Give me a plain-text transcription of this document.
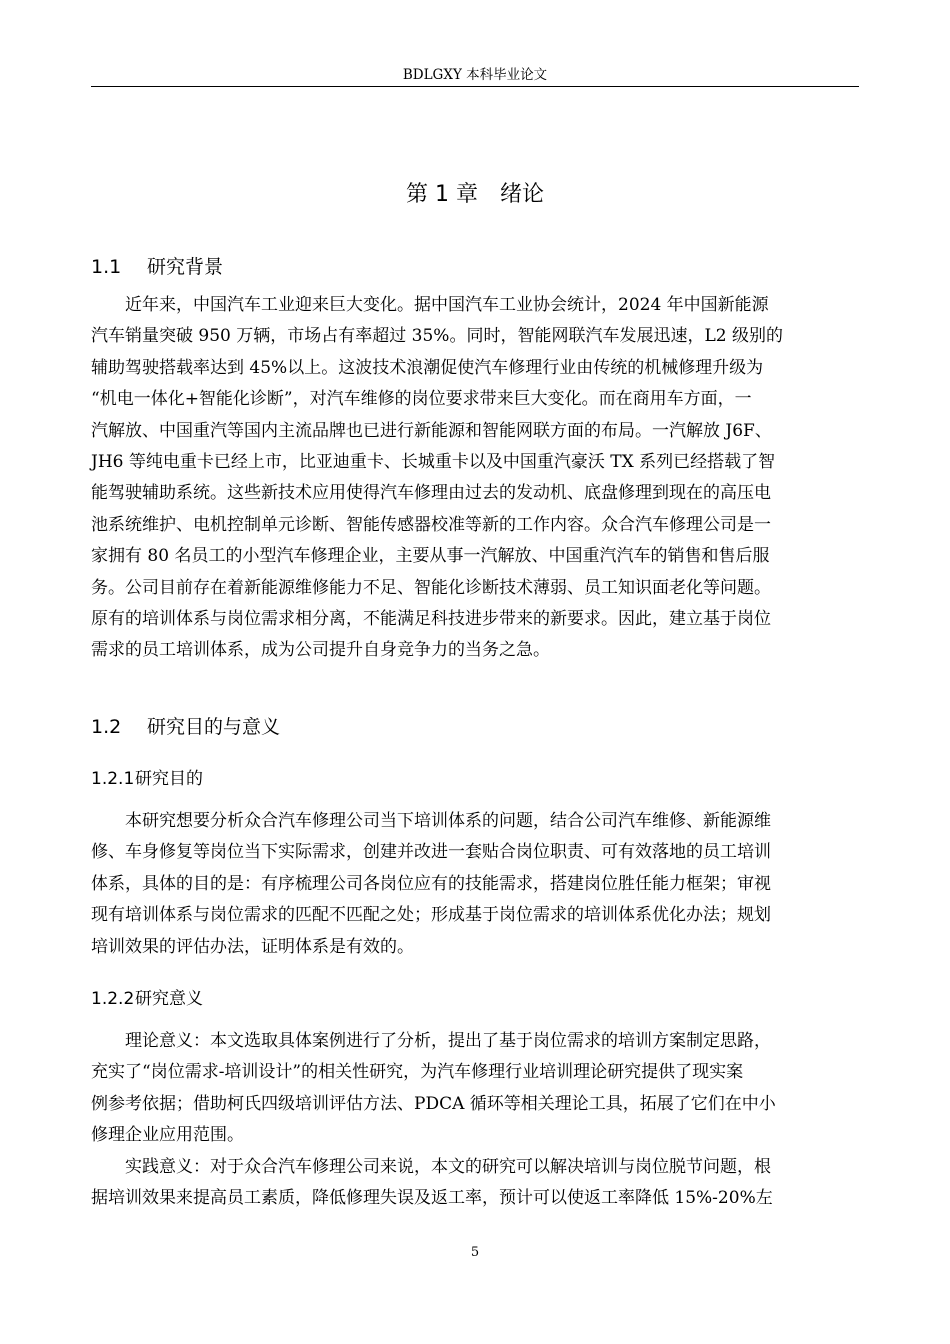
BDLGXY 本科毕业论文
第 1 章　绪论
1.1 研究背景
近年来，中国汽车工业迎来巨大变化。据中国汽车工业协会统计，2024 年中国新能源
汽车销量突破 950 万辆，市场占有率超过 35%。同时，智能网联汽车发展迅速，L2 级别的
辅助驾驶搭载率达到 45%以上。这波技术浪潮促使汽车修理行业由传统的机械修理升级为
“机电一体化+智能化诊断”，对汽车维修的岗位要求带来巨大变化。而在商用车方面，一
汽解放、中国重汽等国内主流品牌也已进行新能源和智能网联方面的布局。一汽解放 J6F、
JH6 等纯电重卡已经上市，比亚迪重卡、长城重卡以及中国重汽豪沃 TX 系列已经搭载了智
能驾驶辅助系统。这些新技术应用使得汽车修理由过去的发动机、底盘修理到现在的高压电
池系统维护、电机控制单元诊断、智能传感器校准等新的工作内容。众合汽车修理公司是一
家拥有 80 名员工的小型汽车修理企业，主要从事一汽解放、中国重汽汽车的销售和售后服
务。公司目前存在着新能源维修能力不足、智能化诊断技术薄弱、员工知识面老化等问题。
原有的培训体系与岗位需求相分离，不能满足科技进步带来的新要求。因此，建立基于岗位
需求的员工培训体系，成为公司提升自身竞争力的当务之急。
1.2 研究目的与意义
1.2.1研究目的
本研究想要分析众合汽车修理公司当下培训体系的问题，结合公司汽车维修、新能源维
修、车身修复等岗位当下实际需求，创建并改进一套贴合岗位职责、可有效落地的员工培训
体系，具体的目的是：有序梳理公司各岗位应有的技能需求，搭建岗位胜任能力框架；审视
现有培训体系与岗位需求的匹配不匹配之处；形成基于岗位需求的培训体系优化办法；规划
培训效果的评估办法，证明体系是有效的。
1.2.2研究意义
理论意义：本文选取具体案例进行了分析，提出了基于岗位需求的培训方案制定思路，
充实了“岗位需求-培训设计”的相关性研究，为汽车修理行业培训理论研究提供了现实案
例参考依据；借助柯氏四级培训评估方法、PDCA 循环等相关理论工具，拓展了它们在中小
修理企业应用范围。
实践意义：对于众合汽车修理公司来说，本文的研究可以解决培训与岗位脱节问题，根
据培训效果来提高员工素质，降低修理失误及返工率，预计可以使返工率降低 15%-20%左
5
